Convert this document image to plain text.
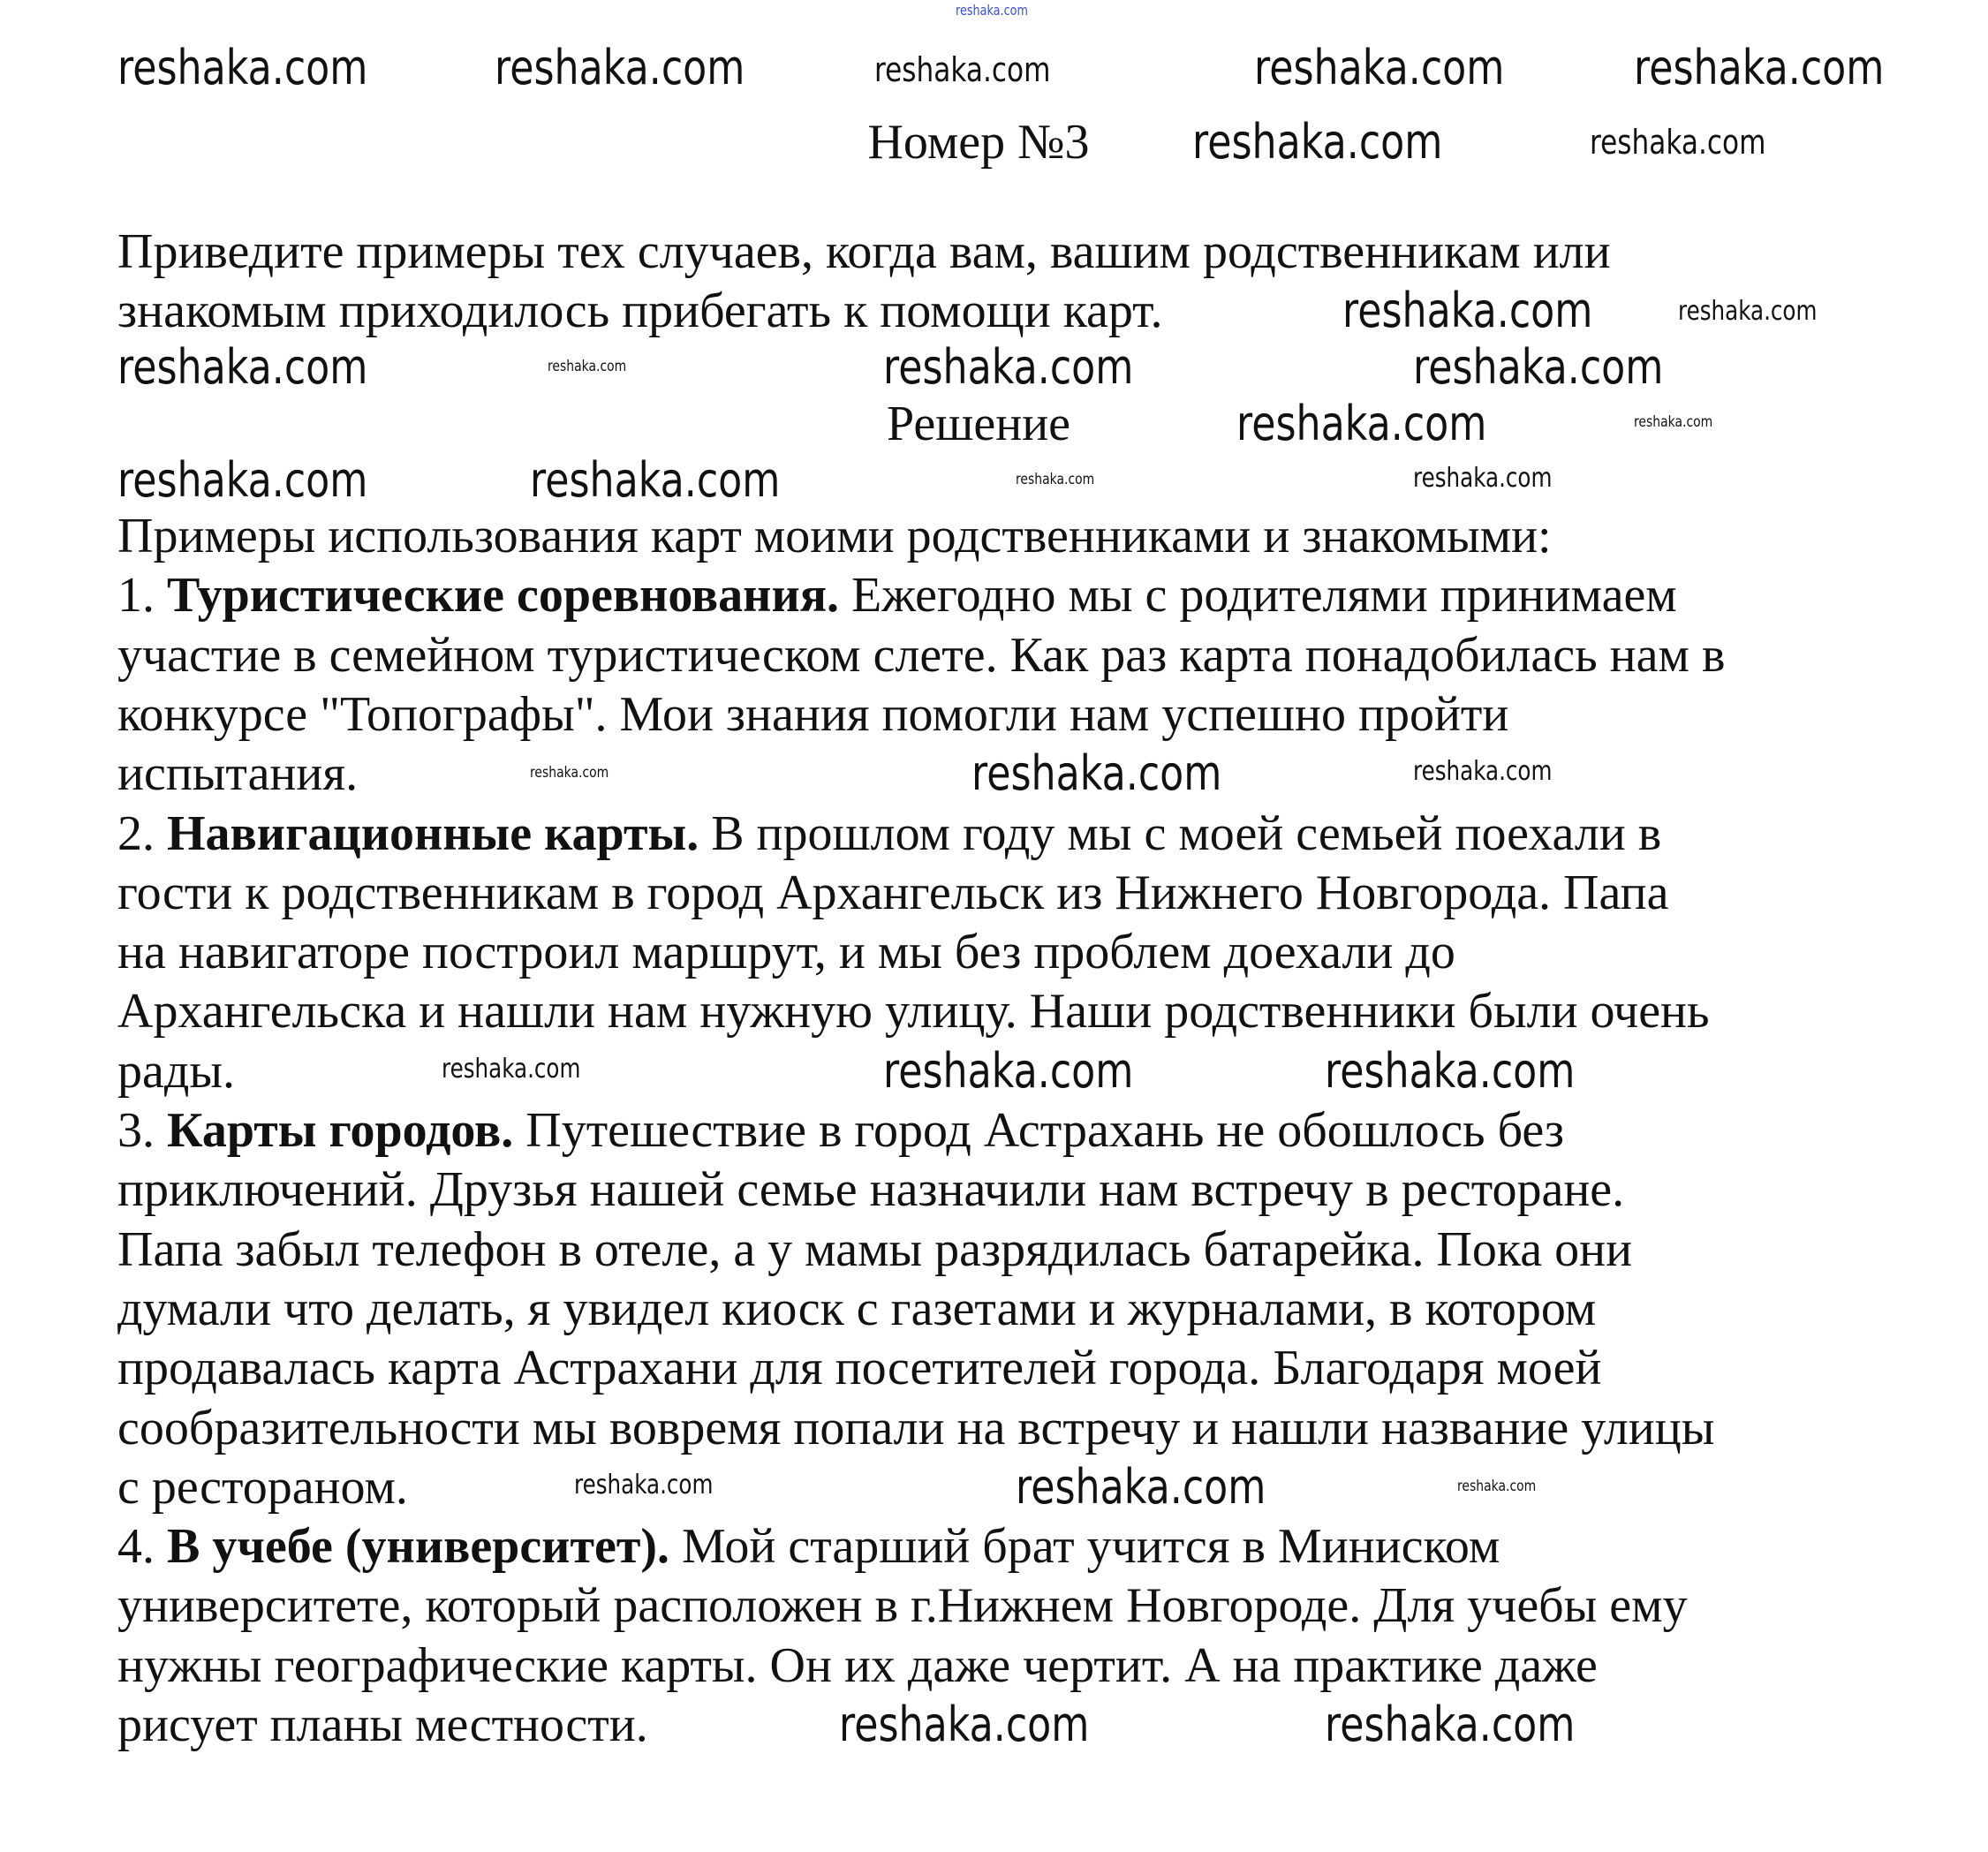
reshaka.com
Номер №3
Приведите примеры тех случаев, когда вам, вашим родственникам или
знакомым приходилось прибегать к помощи карт.
Решение
Примеры использования карт моими родственниками и знакомыми:
1. Туристические соревнования. Ежегодно мы с родителями принимаем
участие в семейном туристическом слете. Как раз карта понадобилась нам в
конкурсе "Топографы". Мои знания помогли нам успешно пройти
испытания.
2. Навигационные карты. В прошлом году мы с моей семьей поехали в
гости к родственникам в город Архангельск из Нижнего Новгорода. Папа
на навигаторе построил маршрут, и мы без проблем доехали до
Архангельска и нашли нам нужную улицу. Наши родственники были очень
рады.
3. Карты городов. Путешествие в город Астрахань не обошлось без
приключений. Друзья нашей семье назначили нам встречу в ресторане.
Папа забыл телефон в отеле, а у мамы разрядилась батарейка. Пока они
думали что делать, я увидел киоск с газетами и журналами, в котором
продавалась карта Астрахани для посетителей города. Благодаря моей
сообразительности мы вовремя попали на встречу и нашли название улицы
с рестораном.
4. В учебе (университет). Мой старший брат учится в Миниском
университете, который расположен в г.Нижнем Новгороде. Для учебы ему
нужны географические карты. Он их даже чертит. А на практике даже
рисует планы местности.
reshaka.com	reshaka.com	reshaka.com	reshaka.com	reshaka.com
reshaka.com	reshaka.com
reshaka.com	reshaka.com
reshaka.com	reshaka.com	reshaka.com	reshaka.com
reshaka.com	reshaka.com
reshaka.com	reshaka.com	reshaka.com	reshaka.com
reshaka.com	reshaka.com	reshaka.com
reshaka.com	reshaka.com	reshaka.com
reshaka.com	reshaka.com	reshaka.com
reshaka.com	reshaka.com
